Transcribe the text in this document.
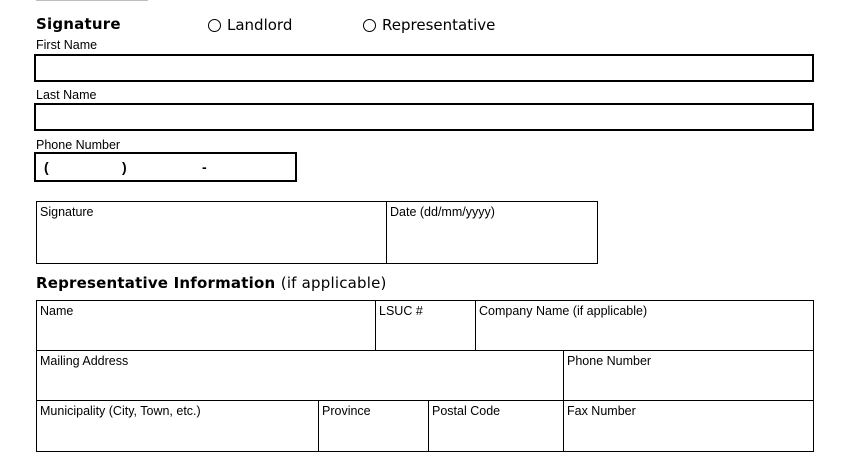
Signature	Landlord	Representative
First Name
Last Name
Phone Number
(	)	-
Signature	Date (dd/mm/yyyy)
Representative Information (if applicable)
Name	LSUC #	Company Name (if applicable)
Mailing Address	Phone Number
Municipality (City, Town, etc.)	Province	Postal Code	Fax Number
